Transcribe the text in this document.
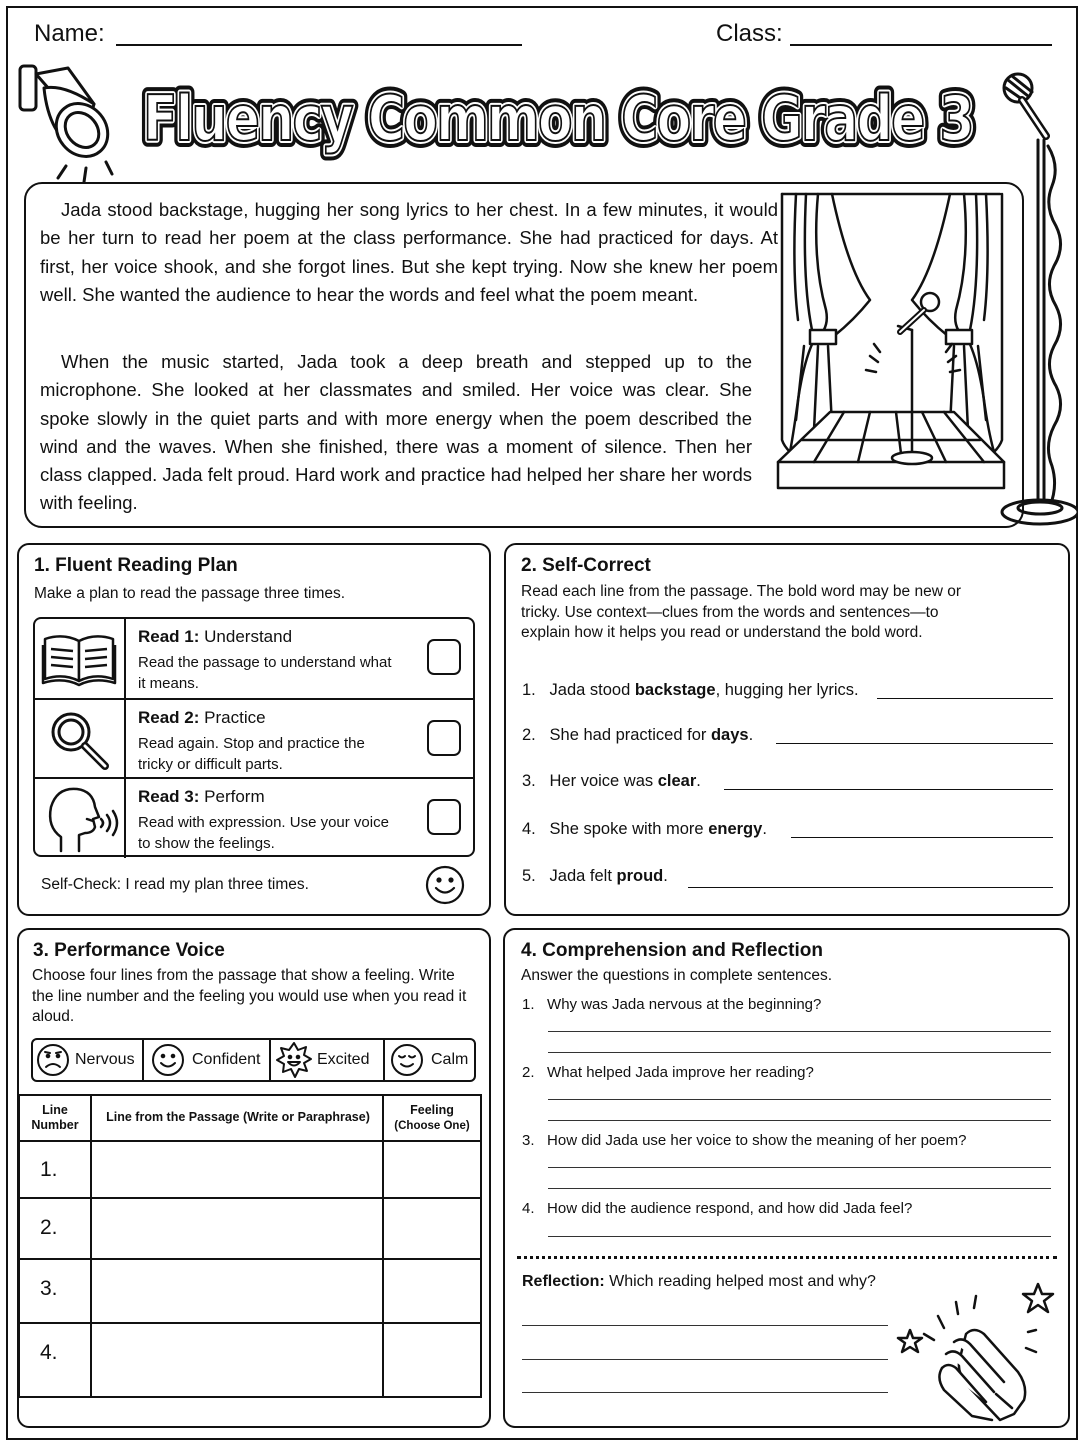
Name:	Class:
Fluency Common Core Grade 3
Fluency Common Core Grade 3
Fluency Common Core Grade 3

Jada stood backstage, hugging her song lyrics to her chest. In a few minutes, it would be her turn to read her poem at the class performance. She had practiced for days. At first, her voice shook, and she forgot lines. But she kept trying. Now she knew her poem well. She wanted the audience to hear the words and feel what the poem meant.

When the music started, Jada took a deep breath and stepped up to the microphone. She looked at her classmates and smiled. Her voice was clear. She spoke slowly in the quiet parts and with more energy when the poem described the wind and the waves. When she finished, there was a moment of silence. Then her class clapped. Jada felt proud. Hard work and practice had helped her share her words with feeling.

1. Fluent Reading Plan
Make a plan to read the passage three times.
Read 1: Understand
Read the passage to understand what it means.
Read 2: Practice
Read again. Stop and practice the tricky or difficult parts.
Read 3: Perform
Read with expression. Use your voice to show the feelings.
Self-Check: I read my plan three times.
2. Self-Correct
Read each line from the passage. The bold word may be new or tricky. Use context—clues from the words and sentences—to explain how it helps you read or understand the bold word.
1. Jada stood backstage, hugging her lyrics.
2. She had practiced for days.
3. Her voice was clear.
4. She spoke with more energy.
5. Jada felt proud.
3. Performance Voice
Choose four lines from the passage that show a feeling. Write the line number and the feeling you would use when you read it aloud.
Nervous	Confident	Excited	Calm
Line Number
Line from the Passage (Write or Paraphrase)	Feeling
(Choose One)
1.
2.
3.
4.
4. Comprehension and Reflection
Answer the questions in complete sentences.
1. Why was Jada nervous at the beginning?
2. What helped Jada improve her reading?
3. How did Jada use her voice to show the meaning of her poem?
4. How did the audience respond, and how did Jada feel?
Reflection: Which reading helped most and why?
